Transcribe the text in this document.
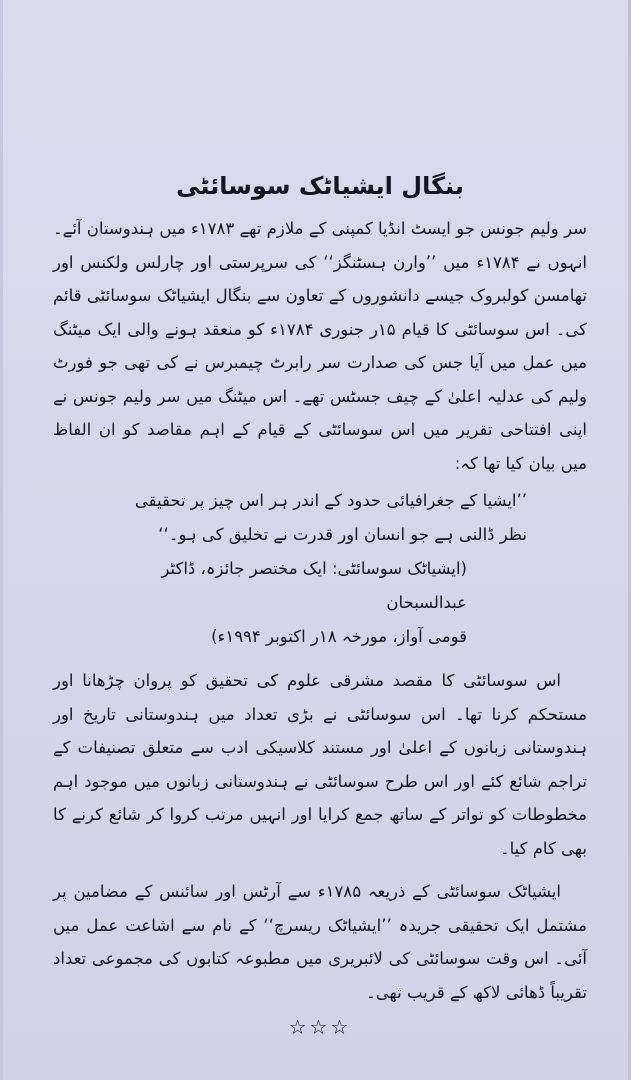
بنگال ایشیاٹک سوسائٹی

سر ولیم جونس جو ایسٹ انڈیا کمپنی کے ملازم تھے ۱۷۸۳ء میں ہندوستان آئے۔ انہوں نے ۱۷۸۴ء میں ’’وارن ہسٹنگز‘‘ کی سرپرستی اور چارلس ولکنس اور تھامسن کولبروک جیسے دانشوروں کے تعاون سے بنگال ایشیاٹک سوسائٹی قائم کی۔ اس سوسائٹی کا قیام ۱۵ر جنوری ۱۷۸۴ء کو منعقد ہونے والی ایک میٹنگ میں عمل میں آیا جس کی صدارت سر رابرٹ چیمبرس نے کی تھی جو فورٹ ولیم کی عدلیہ اعلیٰ کے چیف جسٹس تھے۔ اس میٹنگ میں سر ولیم جونس نے اپنی افتتاحی تقریر میں اس سوسائٹی کے قیام کے اہم مقاصد کو ان الفاظ میں بیان کیا تھا کہ:

’’ایشیا کے جغرافیائی حدود کے اندر ہر اس چیز پر تحقیقی نظر ڈالنی ہے جو انسان اور قدرت نے تخلیق کی ہو۔‘‘

(ایشیاٹک سوسائٹی: ایک مختصر جائزہ، ڈاکٹر عبدالسبحان

قومی آواز، مورخہ ۱۸ر اکتوبر ۱۹۹۴ء)

اس سوسائٹی کا مقصد مشرقی علوم کی تحقیق کو پروان چڑھانا اور مستحکم کرنا تھا۔ اس سوسائٹی نے بڑی تعداد میں ہندوستانی تاریخ اور ہندوستانی زبانوں کے اعلیٰ اور مستند کلاسیکی ادب سے متعلق تصنیفات کے تراجم شائع کئے اور اس طرح سوسائٹی نے ہندوستانی زبانوں میں موجود اہم مخطوطات کو تواتر کے ساتھ جمع کرایا اور انہیں مرتب کروا کر شائع کرنے کا بھی کام کیا۔

ایشیاٹک سوسائٹی کے ذریعہ ۱۷۸۵ء سے آرٹس اور سائنس کے مضامین پر مشتمل ایک تحقیقی جریدہ ’’ایشیاٹک ریسرچ‘‘ کے نام سے اشاعت عمل میں آئی۔ اس وقت سوسائٹی کی لائبریری میں مطبوعہ کتابوں کی مجموعی تعداد تقریباً ڈھائی لاکھ کے قریب تھی۔

☆☆☆
